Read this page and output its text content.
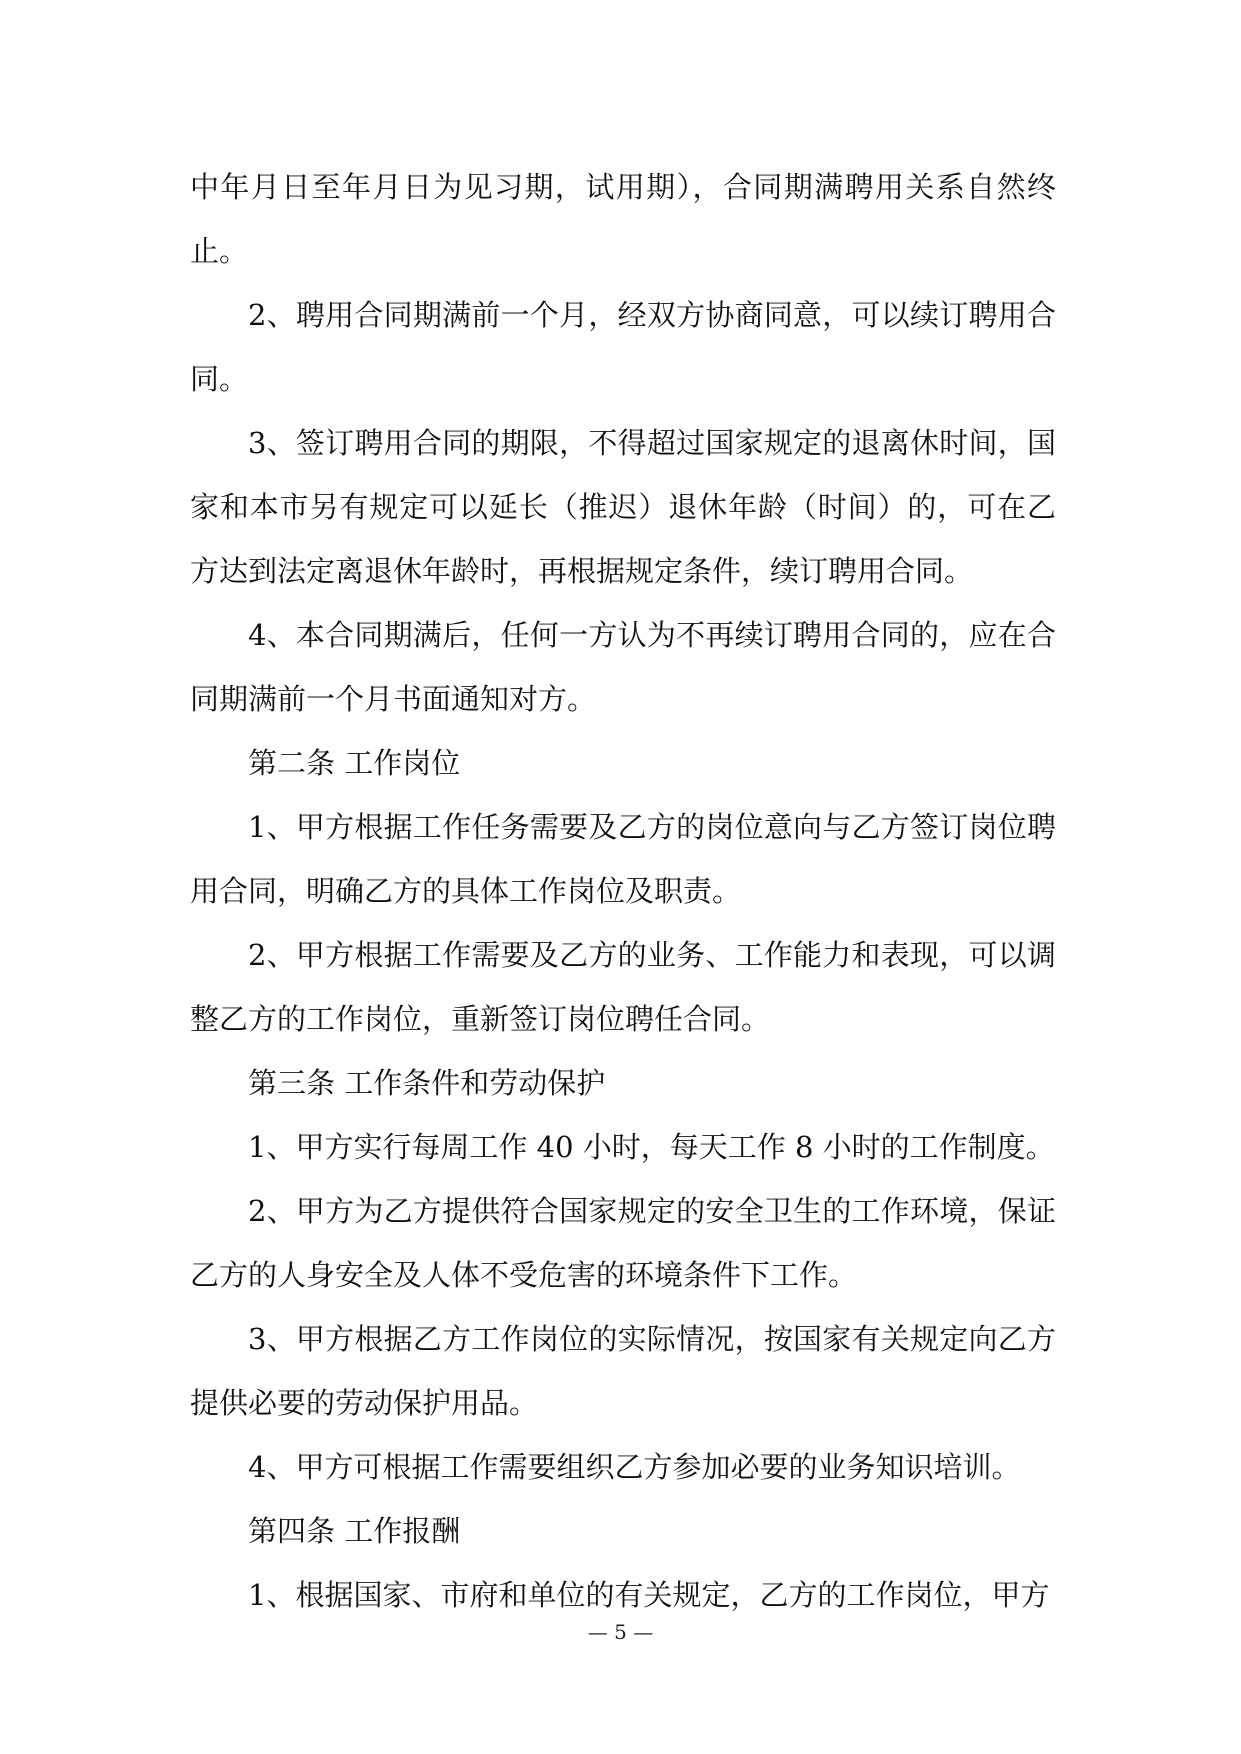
中年月日至年月日为见习期，试用期），合同期满聘用关系自然终止。

2、聘用合同期满前一个月，经双方协商同意，可以续订聘用合同。

3、签订聘用合同的期限，不得超过国家规定的退离休时间，国家和本市另有规定可以延长（推迟）退休年龄（时间）的，可在乙方达到法定离退休年龄时，再根据规定条件，续订聘用合同。

4、本合同期满后，任何一方认为不再续订聘用合同的，应在合同期满前一个月书面通知对方。

第二条 工作岗位

1、甲方根据工作任务需要及乙方的岗位意向与乙方签订岗位聘用合同，明确乙方的具体工作岗位及职责。

2、甲方根据工作需要及乙方的业务、工作能力和表现，可以调整乙方的工作岗位，重新签订岗位聘任合同。

第三条 工作条件和劳动保护

1、甲方实行每周工作 40 小时，每天工作 8 小时的工作制度。

2、甲方为乙方提供符合国家规定的安全卫生的工作环境，保证乙方的人身安全及人体不受危害的环境条件下工作。

3、甲方根据乙方工作岗位的实际情况，按国家有关规定向乙方提供必要的劳动保护用品。

4、甲方可根据工作需要组织乙方参加必要的业务知识培训。

第四条 工作报酬

1、根据国家、市府和单位的有关规定，乙方的工作岗位，甲方

— 5 —
